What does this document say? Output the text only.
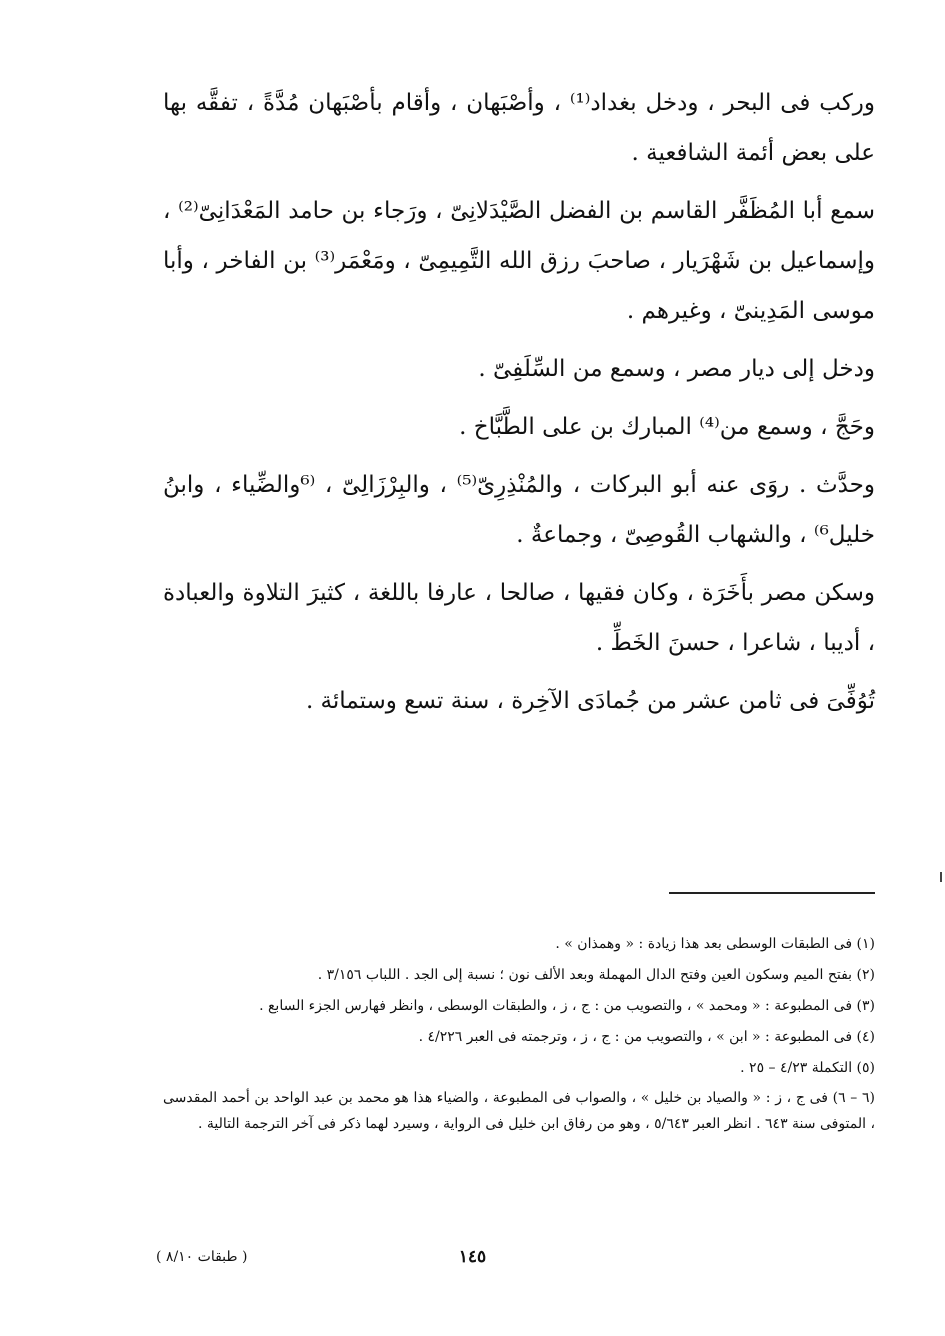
وركب فى البحر ، ودخل بغداد⁽¹⁾ ، وأصْبَهان ، وأقام بأصْبَهان مُدَّةً ، تفقَّه بها على بعض أئمة الشافعية .

سمع أبا المُظَفَّر القاسم بن الفضل الصَّيْدَلانِىّ ، ورَجاء بن حامد المَعْدَانِىّ⁽²⁾ ، وإسماعيل بن شَهْرَيار ، صاحبَ رزق الله التَّمِيمِىّ ، ومَعْمَر⁽³⁾ بن الفاخر ، وأبا موسى المَدِينىّ ، وغيرهم .

ودخل إلى ديار مصر ، وسمع من السِّلَفِىّ .

وحَجَّ ، وسمع من⁽⁴⁾ المبارك بن على الطَّبَّاخ .

وحدَّث . روَى عنه أبو البركات ، والمُنْذِرِىّ⁽⁵⁾ ، والبِرْزَالِىّ ، ⁽⁶والضِّياء ، وابنُ خليل⁶⁾ ، والشهاب القُوصِىّ ، وجماعةٌ .

وسكن مصر بأَخَرَة ، وكان فقيها ، صالحا ، عارفا باللغة ، كثيرَ التلاوة والعبادة ، أديبا ، شاعرا ، حسنَ الخَطِّ .

تُوُفِّىَ فى ثامن عشر من جُمادَى الآخِرة ، سنة تسع وستمائة .

(١) فى الطبقات الوسطى بعد هذا زيادة : « وهمذان » .

(٢) بفتح الميم وسكون العين وفتح الدال المهملة وبعد الألف نون ؛ نسبة إلى الجد . اللباب ٣/١٥٦ .

(٣) فى المطبوعة : « ومحمد » ، والتصويب من : ج ، ز ، والطبقات الوسطى ، وانظر فهارس الجزء السابع .

(٤) فى المطبوعة : « ابن » ، والتصويب من : ج ، ز ، وترجمته فى العبر ٤/٢٢٦ .

(٥) التكملة ٤/٢٣ – ٢٥ .

(٦ – ٦) فى ج ، ز : « والصياد بن خليل » ، والصواب فى المطبوعة ، والضياء هذا هو محمد بن عبد الواحد بن أحمد المقدسى ، المتوفى سنة ٦٤٣ . انظر العبر ٥/٦٤٣ ، وهو من رفاق ابن خليل فى الرواية ، وسيرد لهما ذكر فى آخر الترجمة التالية .

١٤٥
( طبقات ٨/١٠ )
